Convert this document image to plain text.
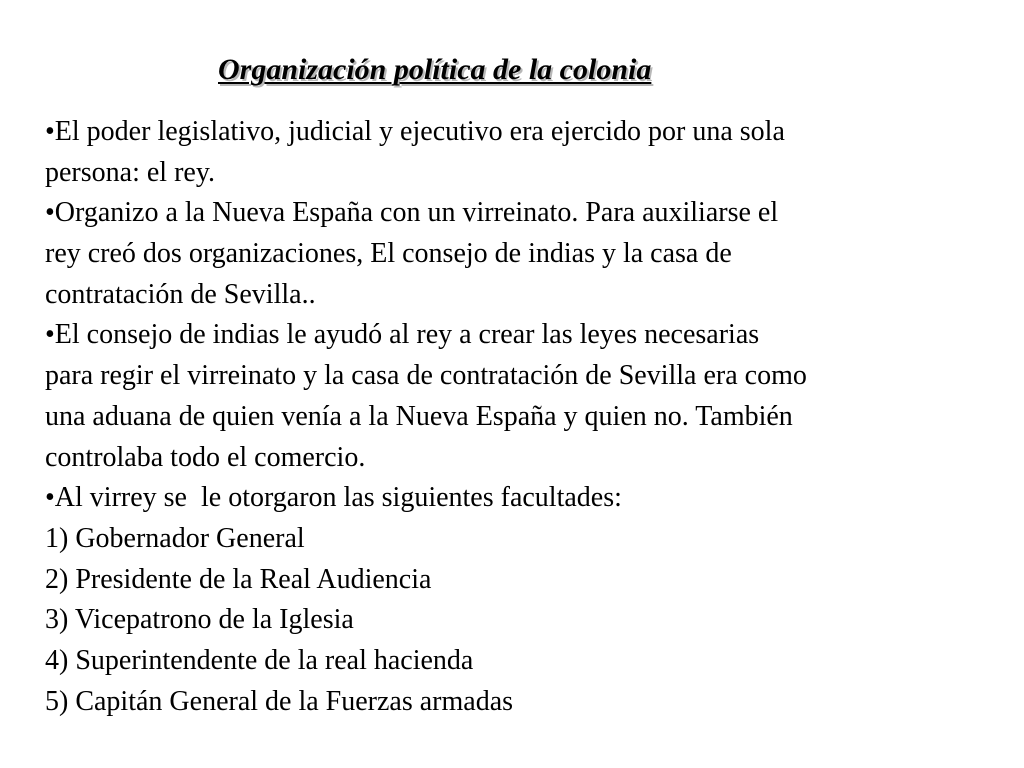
Organización política de la colonia
•El poder legislativo, judicial y ejecutivo era ejercido por una sola
persona: el rey.
•Organizo a la Nueva España con un virreinato. Para auxiliarse el
rey creó dos organizaciones, El consejo de indias y la casa de
contratación de Sevilla..
•El consejo de indias le ayudó al rey a crear las leyes necesarias
para regir el virreinato y la casa de contratación de Sevilla era como
una aduana de quien venía a la Nueva España y quien no. También
controlaba todo el comercio.
•Al virrey se  le otorgaron las siguientes facultades:
1) Gobernador General
2) Presidente de la Real Audiencia
3) Vicepatrono de la Iglesia
4) Superintendente de la real hacienda
5) Capitán General de la Fuerzas armadas
